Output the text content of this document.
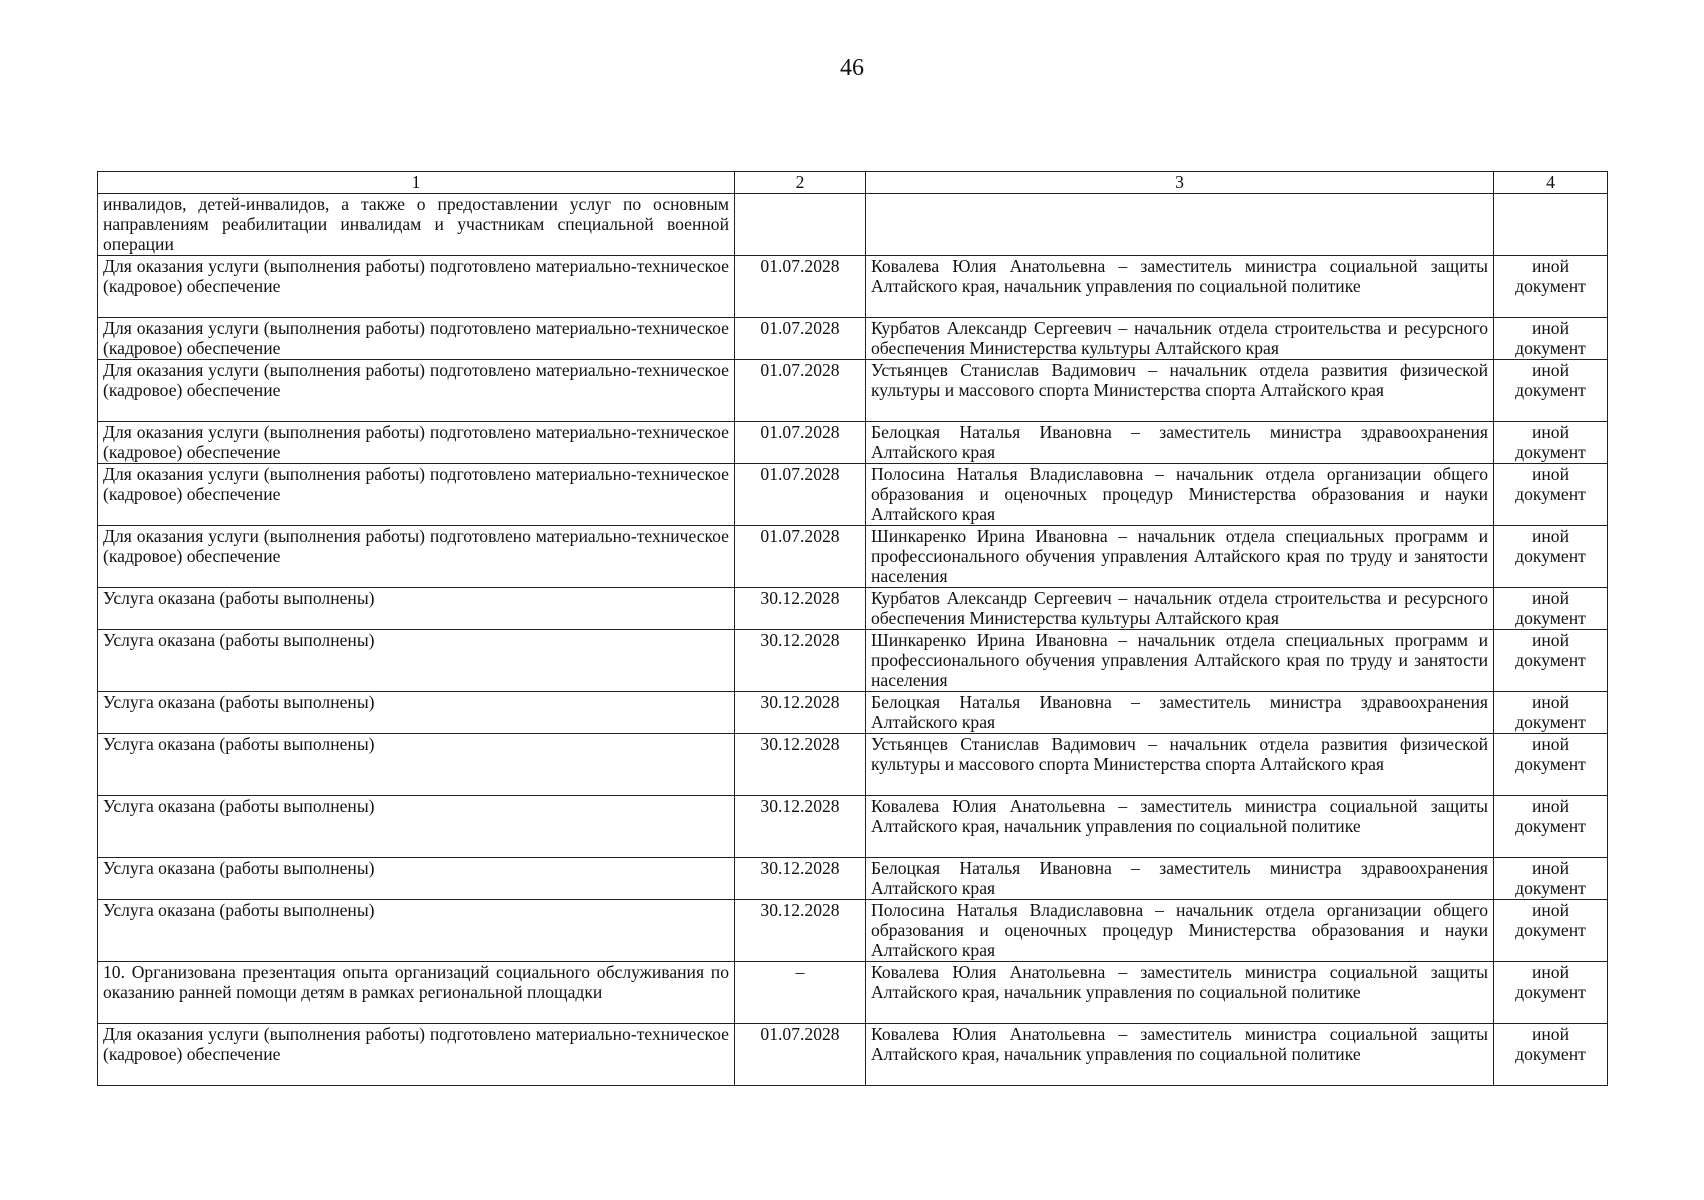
46
1	2	3	4
инвалидов, детей-инвалидов, а также о предоставлении услуг по основным направлениям реабилитации инвалидам и участникам специальной военной операции			
Для оказания услуги (выполнения работы) подготовлено материально-техническое (кадровое) обеспечение	01.07.2028	Ковалева Юлия Анатольевна – заместитель министра социальной защиты Алтайского края, начальник управления по социальной политике	иной документ
Для оказания услуги (выполнения работы) подготовлено материально-техническое (кадровое) обеспечение	01.07.2028	Курбатов Александр Сергеевич – начальник отдела строительства и ресурсного обеспечения Министерства культуры Алтайского края	иной документ
Для оказания услуги (выполнения работы) подготовлено материально-техническое (кадровое) обеспечение	01.07.2028	Устьянцев Станислав Вадимович – начальник отдела развития физической культуры и массового спорта Министерства спорта Алтайского края	иной документ
Для оказания услуги (выполнения работы) подготовлено материально-техническое (кадровое) обеспечение	01.07.2028	Белоцкая Наталья Ивановна – заместитель министра здравоохранения Алтайского края	иной документ
Для оказания услуги (выполнения работы) подготовлено материально-техническое (кадровое) обеспечение	01.07.2028	Полосина Наталья Владиславовна – начальник отдела организации общего образования и оценочных процедур Министерства образования и науки Алтайского края	иной документ
Для оказания услуги (выполнения работы) подготовлено материально-техническое (кадровое) обеспечение	01.07.2028	Шинкаренко Ирина Ивановна – начальник отдела специальных программ и профессионального обучения управления Алтайского края по труду и занятости населения	иной документ
Услуга оказана (работы выполнены)	30.12.2028	Курбатов Александр Сергеевич – начальник отдела строительства и ресурсного обеспечения Министерства культуры Алтайского края	иной документ
Услуга оказана (работы выполнены)	30.12.2028	Шинкаренко Ирина Ивановна – начальник отдела специальных программ и профессионального обучения управления Алтайского края по труду и занятости населения	иной документ
Услуга оказана (работы выполнены)	30.12.2028	Белоцкая Наталья Ивановна – заместитель министра здравоохранения Алтайского края	иной документ
Услуга оказана (работы выполнены)	30.12.2028	Устьянцев Станислав Вадимович – начальник отдела развития физической культуры и массового спорта Министерства спорта Алтайского края	иной документ
Услуга оказана (работы выполнены)	30.12.2028	Ковалева Юлия Анатольевна – заместитель министра социальной защиты Алтайского края, начальник управления по социальной политике	иной документ
Услуга оказана (работы выполнены)	30.12.2028	Белоцкая Наталья Ивановна – заместитель министра здравоохранения Алтайского края	иной документ
Услуга оказана (работы выполнены)	30.12.2028	Полосина Наталья Владиславовна – начальник отдела организации общего образования и оценочных процедур Министерства образования и науки Алтайского края	иной документ
10. Организована презентация опыта организаций социального обслуживания по оказанию ранней помощи детям в рамках региональной площадки	–	Ковалева Юлия Анатольевна – заместитель министра социальной защиты Алтайского края, начальник управления по социальной политике	иной документ
Для оказания услуги (выполнения работы) подготовлено материально-техническое (кадровое) обеспечение	01.07.2028	Ковалева Юлия Анатольевна – заместитель министра социальной защиты Алтайского края, начальник управления по социальной политике	иной документ
